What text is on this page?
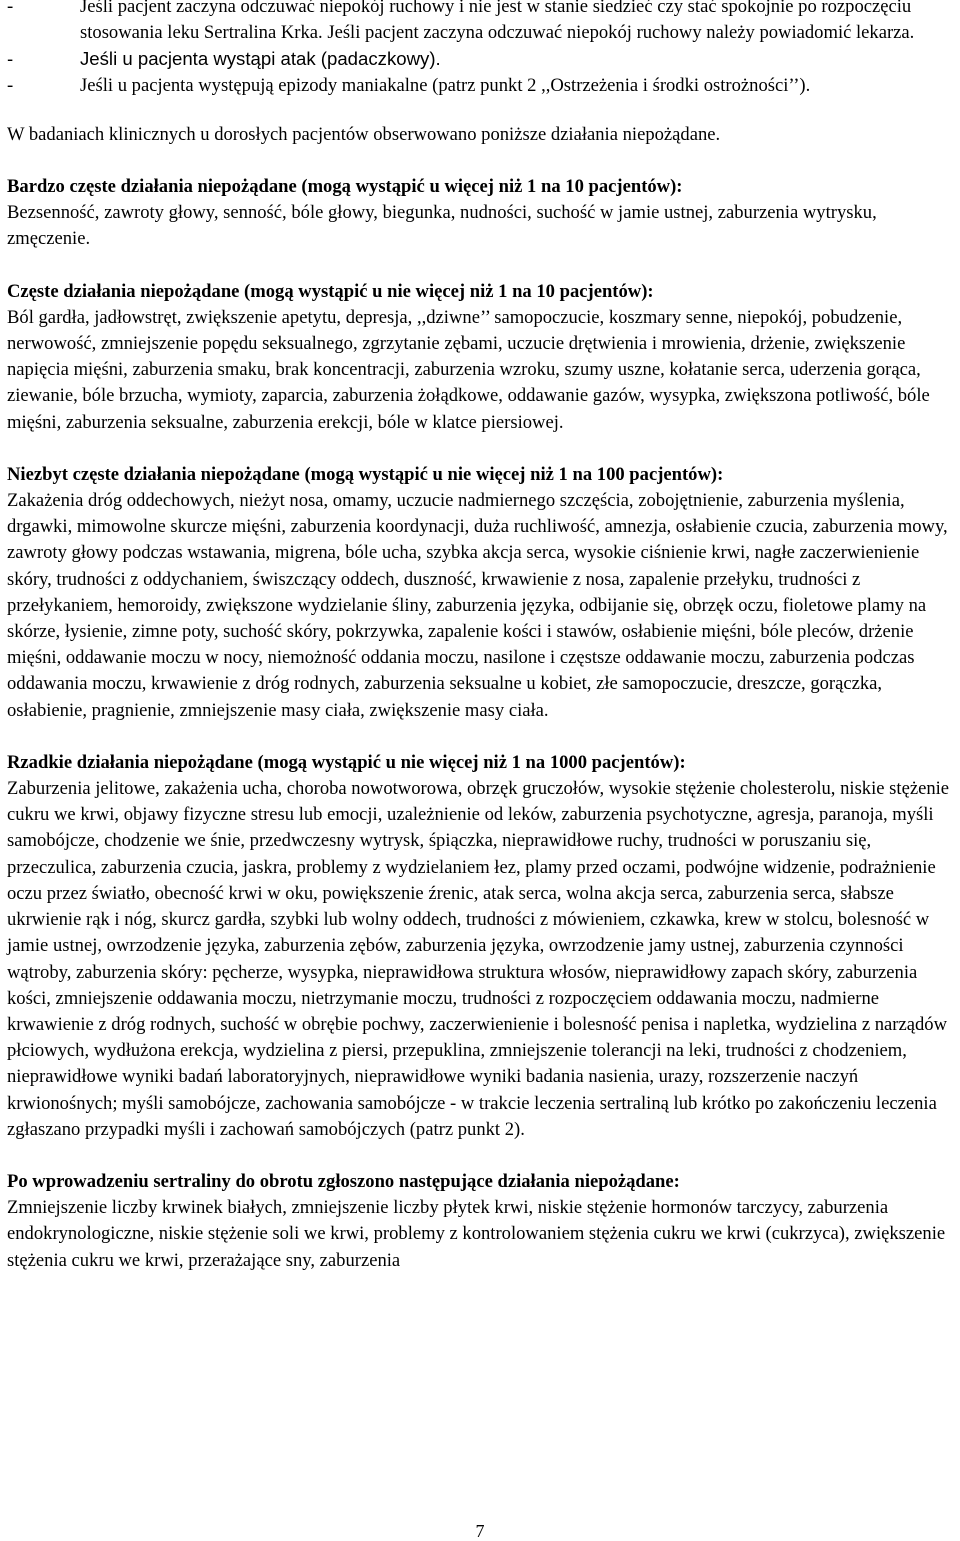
-	Jeśli pacjent zaczyna odczuwać niepokój ruchowy i nie jest w stanie siedzieć czy stać spokojnie po rozpoczęciu stosowania leku Sertralina Krka. Jeśli pacjent zaczyna odczuwać niepokój ruchowy należy powiadomić lekarza.
-	Jeśli u pacjenta wystąpi atak (padaczkowy).
-	Jeśli u pacjenta występują epizody maniakalne (patrz punkt 2 ,,Ostrzeżenia i środki ostrożności’’).

W badaniach klinicznych u dorosłych pacjentów obserwowano poniższe działania niepożądane.

Bardzo częste działania niepożądane (mogą wystąpić u więcej niż 1 na 10 pacjentów):

Bezsenność, zawroty głowy, senność, bóle głowy, biegunka, nudności, suchość w jamie ustnej, zaburzenia wytrysku, zmęczenie.

Częste działania niepożądane (mogą wystąpić u nie więcej niż 1 na 10 pacjentów):

Ból gardła, jadłowstręt, zwiększenie apetytu, depresja, ,,dziwne’’ samopoczucie, koszmary senne, niepokój, pobudzenie, nerwowość, zmniejszenie popędu seksualnego, zgrzytanie zębami, uczucie drętwienia i mrowienia, drżenie, zwiększenie napięcia mięśni, zaburzenia smaku, brak koncentracji, zaburzenia wzroku, szumy uszne, kołatanie serca, uderzenia gorąca, ziewanie, bóle brzucha, wymioty, zaparcia, zaburzenia żołądkowe, oddawanie gazów, wysypka, zwiększona potliwość, bóle mięśni, zaburzenia seksualne, zaburzenia erekcji, bóle w klatce piersiowej.

Niezbyt częste działania niepożądane (mogą wystąpić u nie więcej niż 1 na 100 pacjentów):

Zakażenia dróg oddechowych, nieżyt nosa, omamy, uczucie nadmiernego szczęścia, zobojętnienie, zaburzenia myślenia, drgawki, mimowolne skurcze mięśni, zaburzenia koordynacji, duża ruchliwość, amnezja, osłabienie czucia, zaburzenia mowy, zawroty głowy podczas wstawania, migrena, bóle ucha, szybka akcja serca, wysokie ciśnienie krwi, nagłe zaczerwienienie skóry, trudności z oddychaniem, świszczący oddech, duszność, krwawienie z nosa, zapalenie przełyku, trudności z przełykaniem, hemoroidy, zwiększone wydzielanie śliny, zaburzenia języka, odbijanie się, obrzęk oczu, fioletowe plamy na skórze, łysienie, zimne poty, suchość skóry, pokrzywka, zapalenie kości i stawów, osłabienie mięśni, bóle pleców, drżenie mięśni, oddawanie moczu w nocy, niemożność oddania moczu, nasilone i częstsze oddawanie moczu, zaburzenia podczas oddawania moczu, krwawienie z dróg rodnych, zaburzenia seksualne u kobiet, złe samopoczucie, dreszcze, gorączka, osłabienie, pragnienie, zmniejszenie masy ciała, zwiększenie masy ciała.

Rzadkie działania niepożądane (mogą wystąpić u nie więcej niż 1 na 1000 pacjentów):

Zaburzenia jelitowe, zakażenia ucha, choroba nowotworowa, obrzęk gruczołów, wysokie stężenie cholesterolu, niskie stężenie cukru we krwi, objawy fizyczne stresu lub emocji, uzależnienie od leków, zaburzenia psychotyczne, agresja, paranoja, myśli samobójcze, chodzenie we śnie, przedwczesny wytrysk, śpiączka, nieprawidłowe ruchy, trudności w poruszaniu się, przeczulica, zaburzenia czucia, jaskra, problemy z wydzielaniem łez, plamy przed oczami, podwójne widzenie, podrażnienie oczu przez światło, obecność krwi w oku, powiększenie źrenic, atak serca, wolna akcja serca, zaburzenia serca, słabsze ukrwienie rąk i nóg, skurcz gardła, szybki lub wolny oddech, trudności z mówieniem, czkawka, krew w stolcu, bolesność w jamie ustnej, owrzodzenie języka, zaburzenia zębów, zaburzenia języka, owrzodzenie jamy ustnej, zaburzenia czynności wątroby, zaburzenia skóry: pęcherze, wysypka, nieprawidłowa struktura włosów, nieprawidłowy zapach skóry, zaburzenia kości, zmniejszenie oddawania moczu, nietrzymanie moczu, trudności z rozpoczęciem oddawania moczu, nadmierne krwawienie z dróg rodnych, suchość w obrębie pochwy, zaczerwienienie i bolesność penisa i napletka, wydzielina z narządów płciowych, wydłużona erekcja, wydzielina z piersi, przepuklina, zmniejszenie tolerancji na leki, trudności z chodzeniem, nieprawidłowe wyniki badań laboratoryjnych, nieprawidłowe wyniki badania nasienia, urazy, rozszerzenie naczyń krwionośnych; myśli samobójcze, zachowania samobójcze - w trakcie leczenia sertraliną lub krótko po zakończeniu leczenia zgłaszano przypadki myśli i zachowań samobójczych (patrz punkt 2).

Po wprowadzeniu sertraliny do obrotu zgłoszono następujące działania niepożądane:

Zmniejszenie liczby krwinek białych, zmniejszenie liczby płytek krwi, niskie stężenie hormonów tarczycy, zaburzenia endokrynologiczne, niskie stężenie soli we krwi, problemy z kontrolowaniem stężenia cukru we krwi (cukrzyca), zwiększenie stężenia cukru we krwi, przerażające sny, zaburzenia

7
